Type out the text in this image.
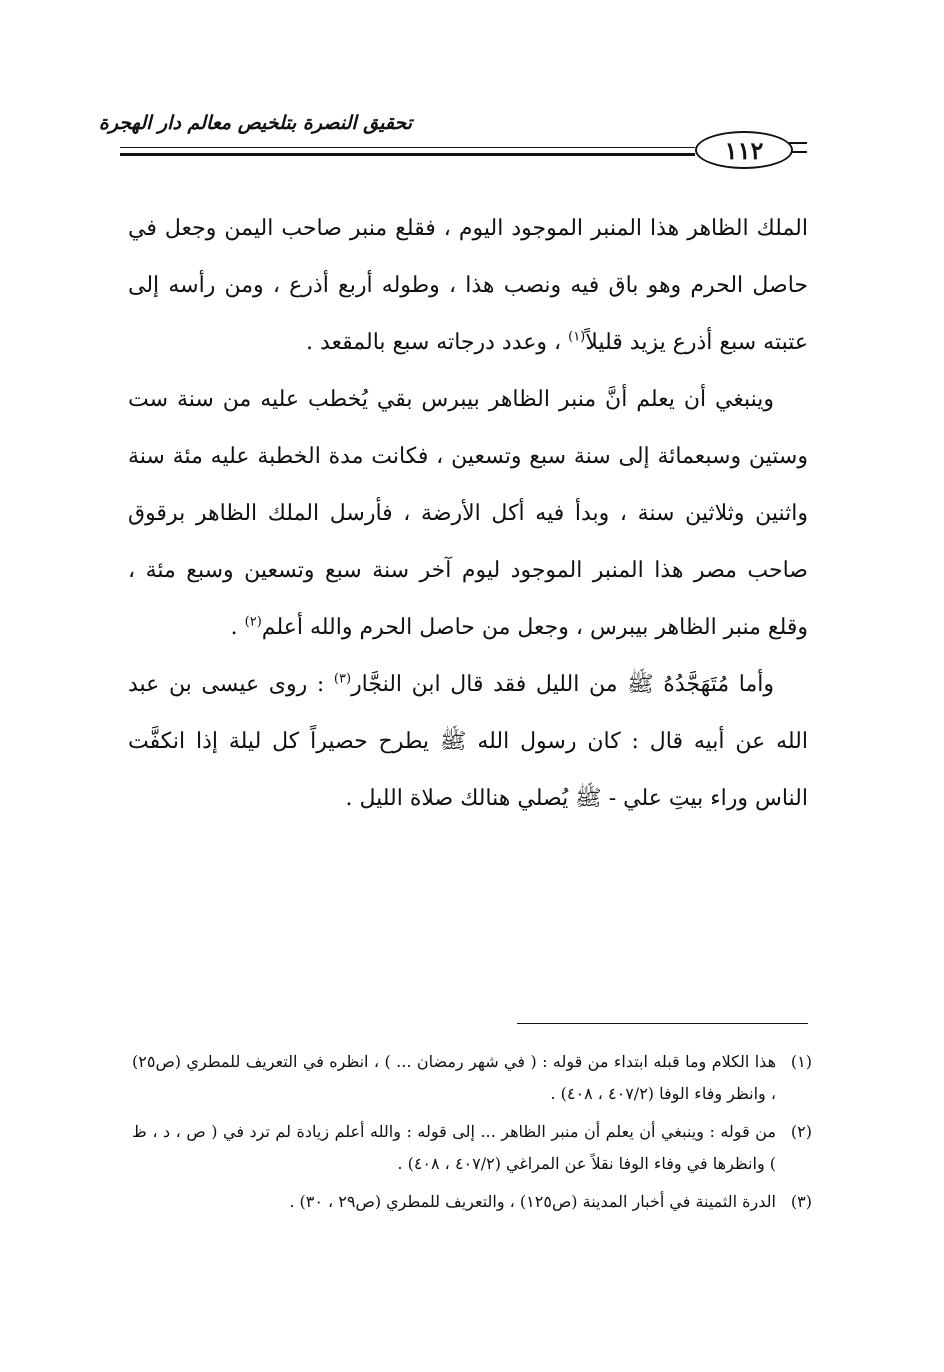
تحقيق النصرة بتلخيص معالم دار الهجرة
١١٢

الملك الظاهر هذا المنبر الموجود اليوم ، فقلع منبر صاحب اليمن وجعل في حاصل الحرم وهو باق فيه ونصب هذا ، وطوله أربع أذرع ، ومن رأسه إلى عتبته سبع أذرع يزيد قليلاً$^{(١)}$ ، وعدد درجاته سبع بالمقعد .

وينبغي أن يعلم أنَّ منبر الظاهر بيبرس بقي يُخطب عليه من سنة ست وستين وسبعمائة إلى سنة سبع وتسعين ، فكانت مدة الخطبة عليه مئة سنة واثنين وثلاثين سنة ، وبدأ فيه أكل الأرضة ، فأرسل الملك الظاهر برقوق صاحب مصر هذا المنبر الموجود ليوم آخر سنة سبع وتسعين وسبع مئة ، وقلع منبر الظاهر بيبرس ، وجعل من حاصل الحرم والله أعلم$^{(٢)}$ .

وأما مُتَهَجَّدُهُ ﷺ من الليل فقد قال ابن النجَّار$^{(٣)}$ : روى عيسى بن عبد الله عن أبيه قال : كان رسول الله ﷺ يطرح حصيراً كل ليلة إذا انكفَّت الناس وراء بيتِ علي - ﷺ يُصلي هنالك صلاة الليل .

(١)
هذا الكلام وما قبله ابتداء من قوله : ( في شهر رمضان ... ) ، انظره في التعريف للمطري (ص٢٥) ، وانظر وفاء الوفا (٤٠٧/٢ ، ٤٠٨) .

(٢)
من قوله : وينبغي أن يعلم أن منبر الظاهر ... إلى قوله : والله أعلم زيادة لم ترد في ( ص ، د ، ظ ) وانظرها في وفاء الوفا نقلاً عن المراغي (٤٠٧/٢ ، ٤٠٨) .

(٣)
الدرة الثمينة في أخبار المدينة (ص١٢٥) ، والتعريف للمطري (ص٢٩ ، ٣٠) .
